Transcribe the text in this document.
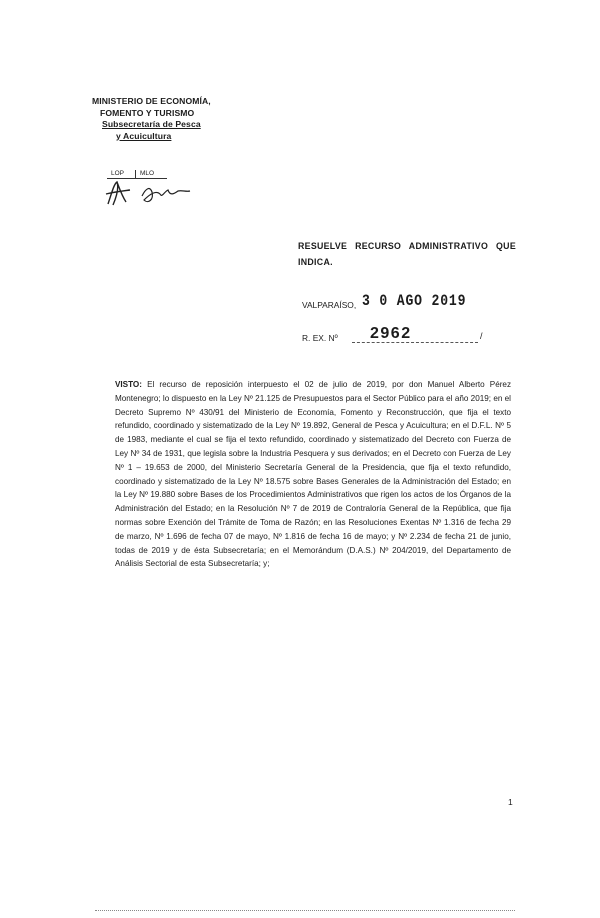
MINISTERIO DE ECONOMÍA,
FOMENTO Y TURISMO
Subsecretaría de Pesca
y Acuicultura
LOP MLO
RESUELVE RECURSO ADMINISTRATIVO QUE INDICA.
VALPARAÍSO, 3 0 AGO 2019
R. EX. Nº 2962	/
VISTO: El recurso de reposición interpuesto el 02 de julio de 2019, por don Manuel Alberto Pérez Montenegro; lo dispuesto en la Ley Nº 21.125 de Presupuestos para el Sector Público para el año 2019; en el Decreto Supremo Nº 430/91 del Ministerio de Economía, Fomento y Reconstrucción, que fija el texto refundido, coordinado y sistematizado de la Ley Nº 19.892, General de Pesca y Acuicultura; en el D.F.L. Nº 5 de 1983, mediante el cual se fija el texto refundido, coordinado y sistematizado del Decreto con Fuerza de Ley Nº 34 de 1931, que legisla sobre la Industria Pesquera y sus derivados; en el Decreto con Fuerza de Ley Nº 1 – 19.653 de 2000, del Ministerio Secretaría General de la Presidencia, que fija el texto refundido, coordinado y sistematizado de la Ley Nº 18.575 sobre Bases Generales de la Administración del Estado; en la Ley Nº 19.880 sobre Bases de los Procedimientos Administrativos que rigen los actos de los Órganos de la Administración del Estado; en la Resolución Nº 7 de 2019 de Contraloría General de la República, que fija normas sobre Exención del Trámite de Toma de Razón; en las Resoluciones Exentas Nº 1.316 de fecha 29 de marzo, Nº 1.696 de fecha 07 de mayo, Nº 1.816 de fecha 16 de mayo; y Nº 2.234 de fecha 21 de junio, todas de 2019 y de ésta Subsecretaría; en el Memorándum (D.A.S.) Nº 204/2019, del Departamento de Análisis Sectorial de esta Subsecretaría; y;
1
